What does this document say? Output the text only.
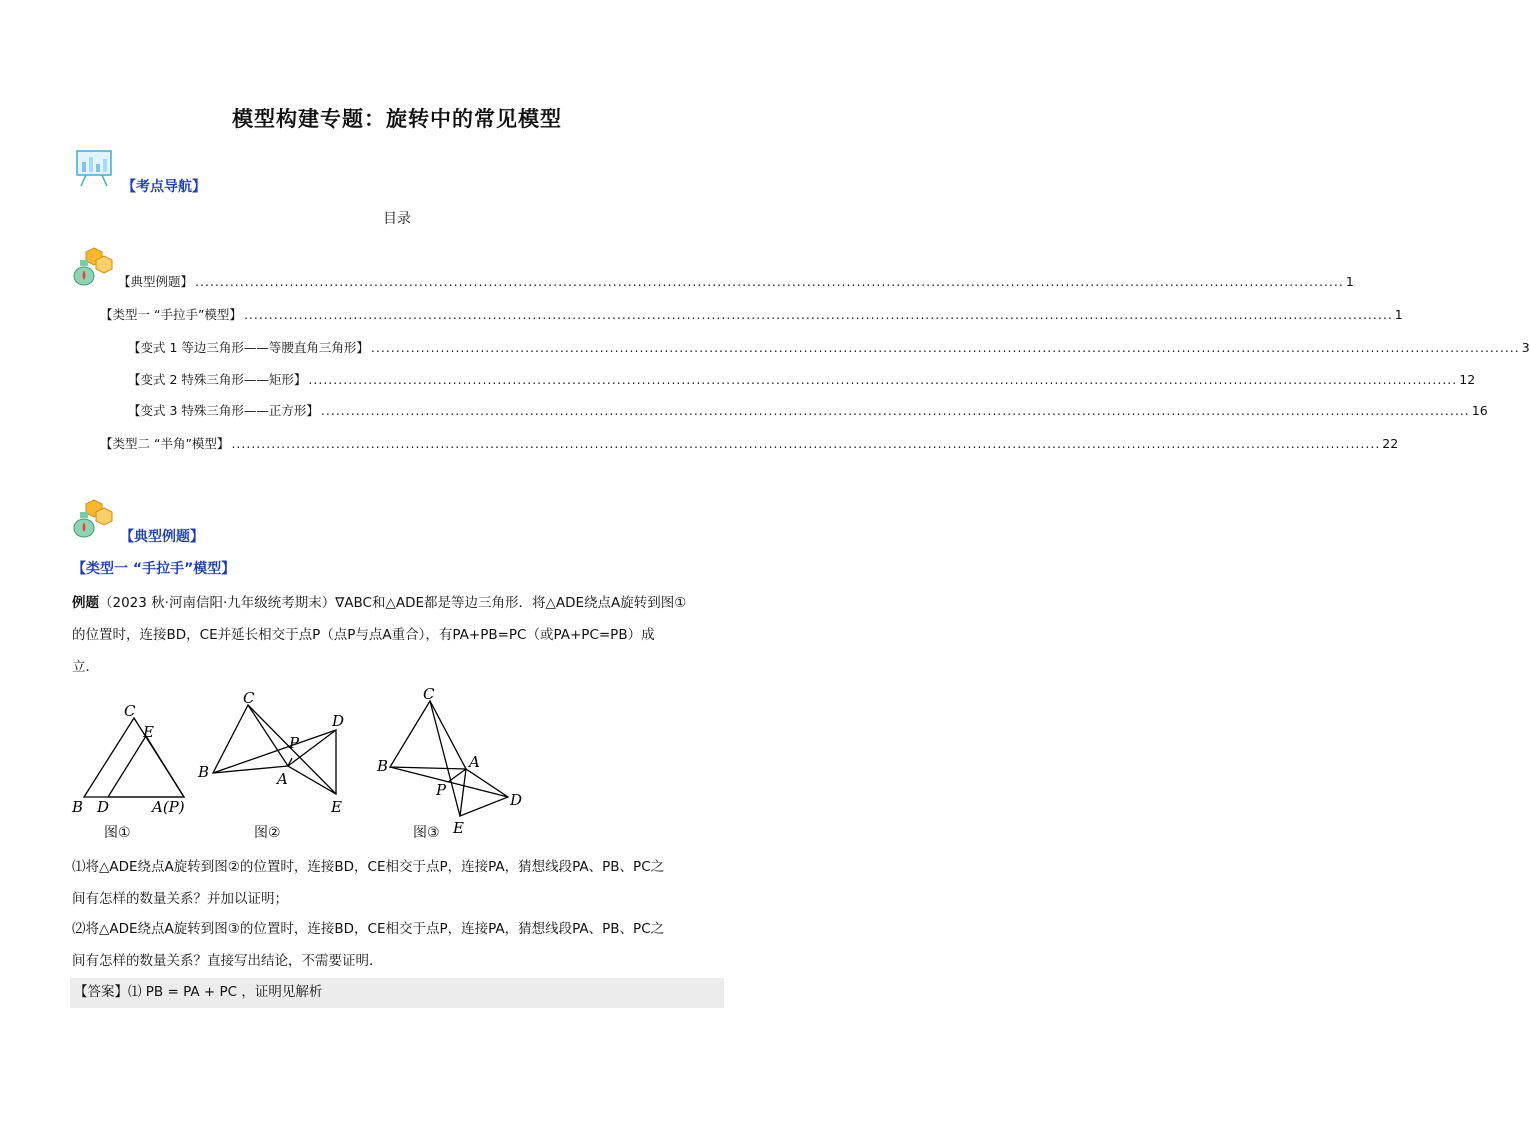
模型构建专题：旋转中的常见模型
【考点导航】
目录
【典型例题】 ....................................................................................................................................................................................................................................... 1
【类型一 “手拉手”模型】 ....................................................................................................................................................................................................................................... 1
【变式 1 等边三角形——等腰直角三角形】 ....................................................................................................................................................................................................................................... 3
【变式 2 特殊三角形——矩形】 ....................................................................................................................................................................................................................................... 12
【变式 3 特殊三角形——正方形】 ....................................................................................................................................................................................................................................... 16
【类型二 “半角”模型】 ....................................................................................................................................................................................................................................... 22
【典型例题】
【类型一 “手拉手”模型】
例题（2023 秋·河南信阳·九年级统考期末）∇ABC和△ADE都是等边三角形．将△ADE绕点A旋转到图①
的位置时，连接BD，CE并延长相交于点P（点P与点A重合），有PA+PB=PC（或PA+PC=PB）成
立．
C
E
B D	A(P)
C
D
P
B	A
E
C
B	A
P
D
E
图①	图②	图③
⑴将△ADE绕点A旋转到图②的位置时，连接BD，CE相交于点P，连接PA，猜想线段PA、PB、PC之
间有怎样的数量关系？并加以证明；
⑵将△ADE绕点A旋转到图③的位置时，连接BD，CE相交于点P，连接PA，猜想线段PA、PB、PC之
间有怎样的数量关系？直接写出结论，不需要证明．
【答案】⑴ PB = PA + PC ，证明见解析
